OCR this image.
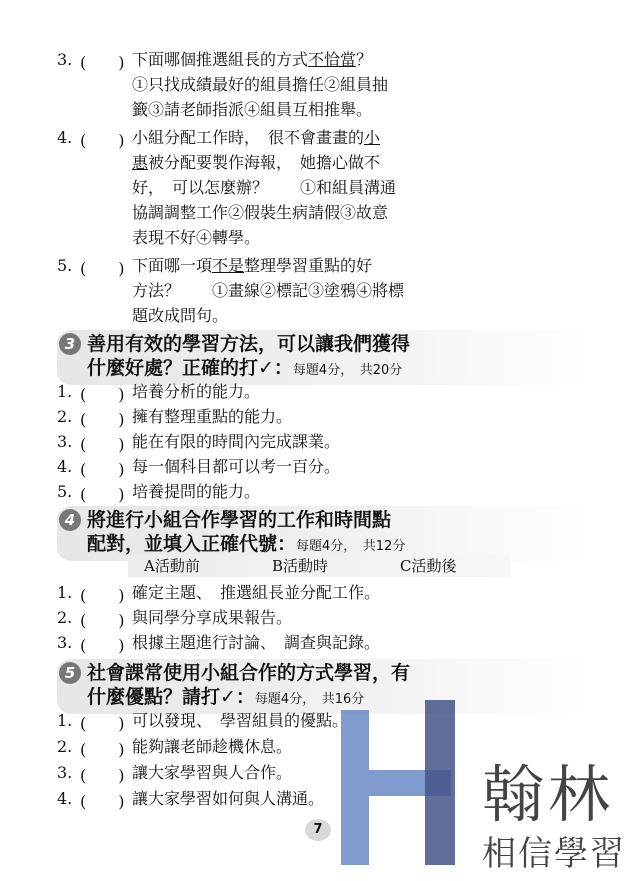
3. (　　) 下面哪個推選組長的方式不恰當？
①只找成績最好的組員擔任②組員抽
籤③請老師指派④組員互相推舉。
4. (　　) 小組分配工作時，　很不會畫畫的小
惠被分配要製作海報，　她擔心做不
好，　可以怎麼辦？　　①和組員溝通
協調調整工作②假裝生病請假③故意
表現不好④轉學。
5. (　　) 下面哪一項不是整理學習重點的好
方法？　　①畫線②標記③塗鴉④將標
題改成問句。
3 善用有效的學習方法，可以讓我們獲得
什麼好處？正確的打✓：每題4分，　共20分
1. (　　) 培養分析的能力。
2. (　　) 擁有整理重點的能力。
3. (　　) 能在有限的時間內完成課業。
4. (　　) 每一個科目都可以考一百分。
5. (　　) 培養提問的能力。
4 將進行小組合作學習的工作和時間點
配對，並填入正確代號：每題4分，　共12分
A活動前	B活動時	C活動後
1. (　　) 確定主題、　推選組長並分配工作。
2. (　　) 與同學分享成果報告。
3. (　　) 根據主題進行討論、　調查與記錄。
5 社會課常使用小組合作的方式學習，有
什麼優點？請打✓：每題4分，　共16分
翰林
相信學習
1. (　　) 可以發現、　學習組員的優點。
2. (　　) 能夠讓老師趁機休息。
3. (　　) 讓大家學習與人合作。
4. (　　) 讓大家學習如何與人溝通。
7
